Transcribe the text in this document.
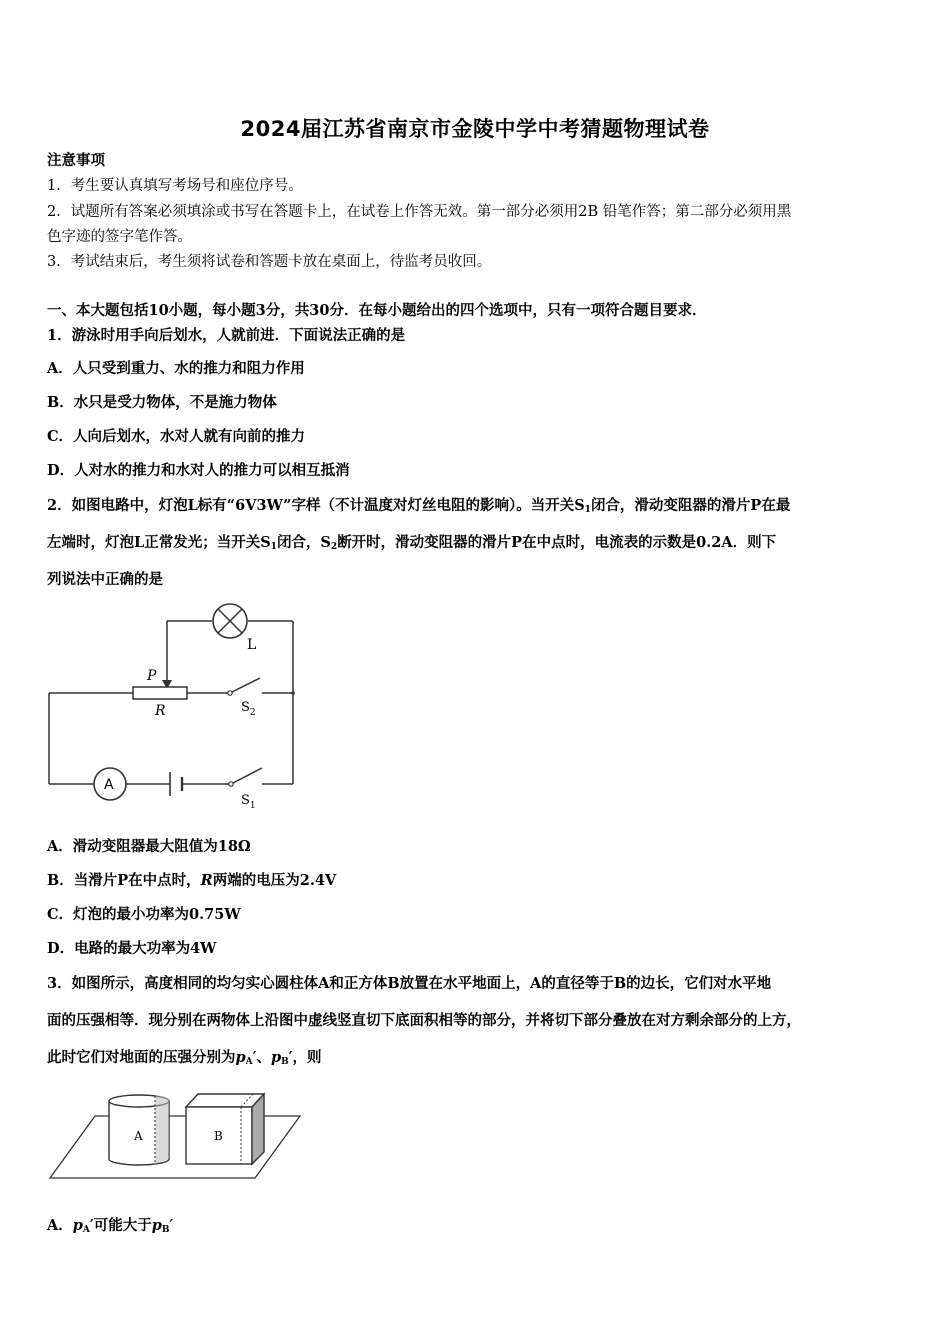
2024届江苏省南京市金陵中学中考猜题物理试卷
注意事项
1．考生要认真填写考场号和座位序号。
2．试题所有答案必须填涂或书写在答题卡上，在试卷上作答无效。第一部分必须用2B 铅笔作答；第二部分必须用黑
色字迹的签字笔作答。
3．考试结束后，考生须将试卷和答题卡放在桌面上，待监考员收回。
一、本大题包括10小题，每小题3分，共30分．在每小题给出的四个选项中，只有一项符合题目要求．
1．游泳时用手向后划水，人就前进．下面说法正确的是
A．人只受到重力、水的推力和阻力作用
B．水只是受力物体，不是施力物体
C．人向后划水，水对人就有向前的推力
D．人对水的推力和水对人的推力可以相互抵消
2．如图电路中，灯泡L标有“6V3W”字样（不计温度对灯丝电阻的影响）。当开关$S_1$闭合，滑动变阻器的滑片P在最
左端时，灯泡L正常发光；当开关$S_1$闭合，$S_2$断开时，滑动变阻器的滑片P在中点时，电流表的示数是0.2A．则下
列说法中正确的是
L
P
R	$S_2$
A
$S_1$
A．滑动变阻器最大阻值为18Ω
B．当滑片P在中点时，R两端的电压为2.4V
C．灯泡的最小功率为0.75W
D．电路的最大功率为4W
3．如图所示，高度相同的均匀实心圆柱体A和正方体B放置在水平地面上，A的直径等于B的边长，它们对水平地
面的压强相等．现分别在两物体上沿图中虚线竖直切下底面积相等的部分，并将切下部分叠放在对方剩余部分的上方，
此时它们对地面的压强分别为$p_A'$、$p_B'$，则
A	B
A．$p_A'$可能大于$p_B'$
